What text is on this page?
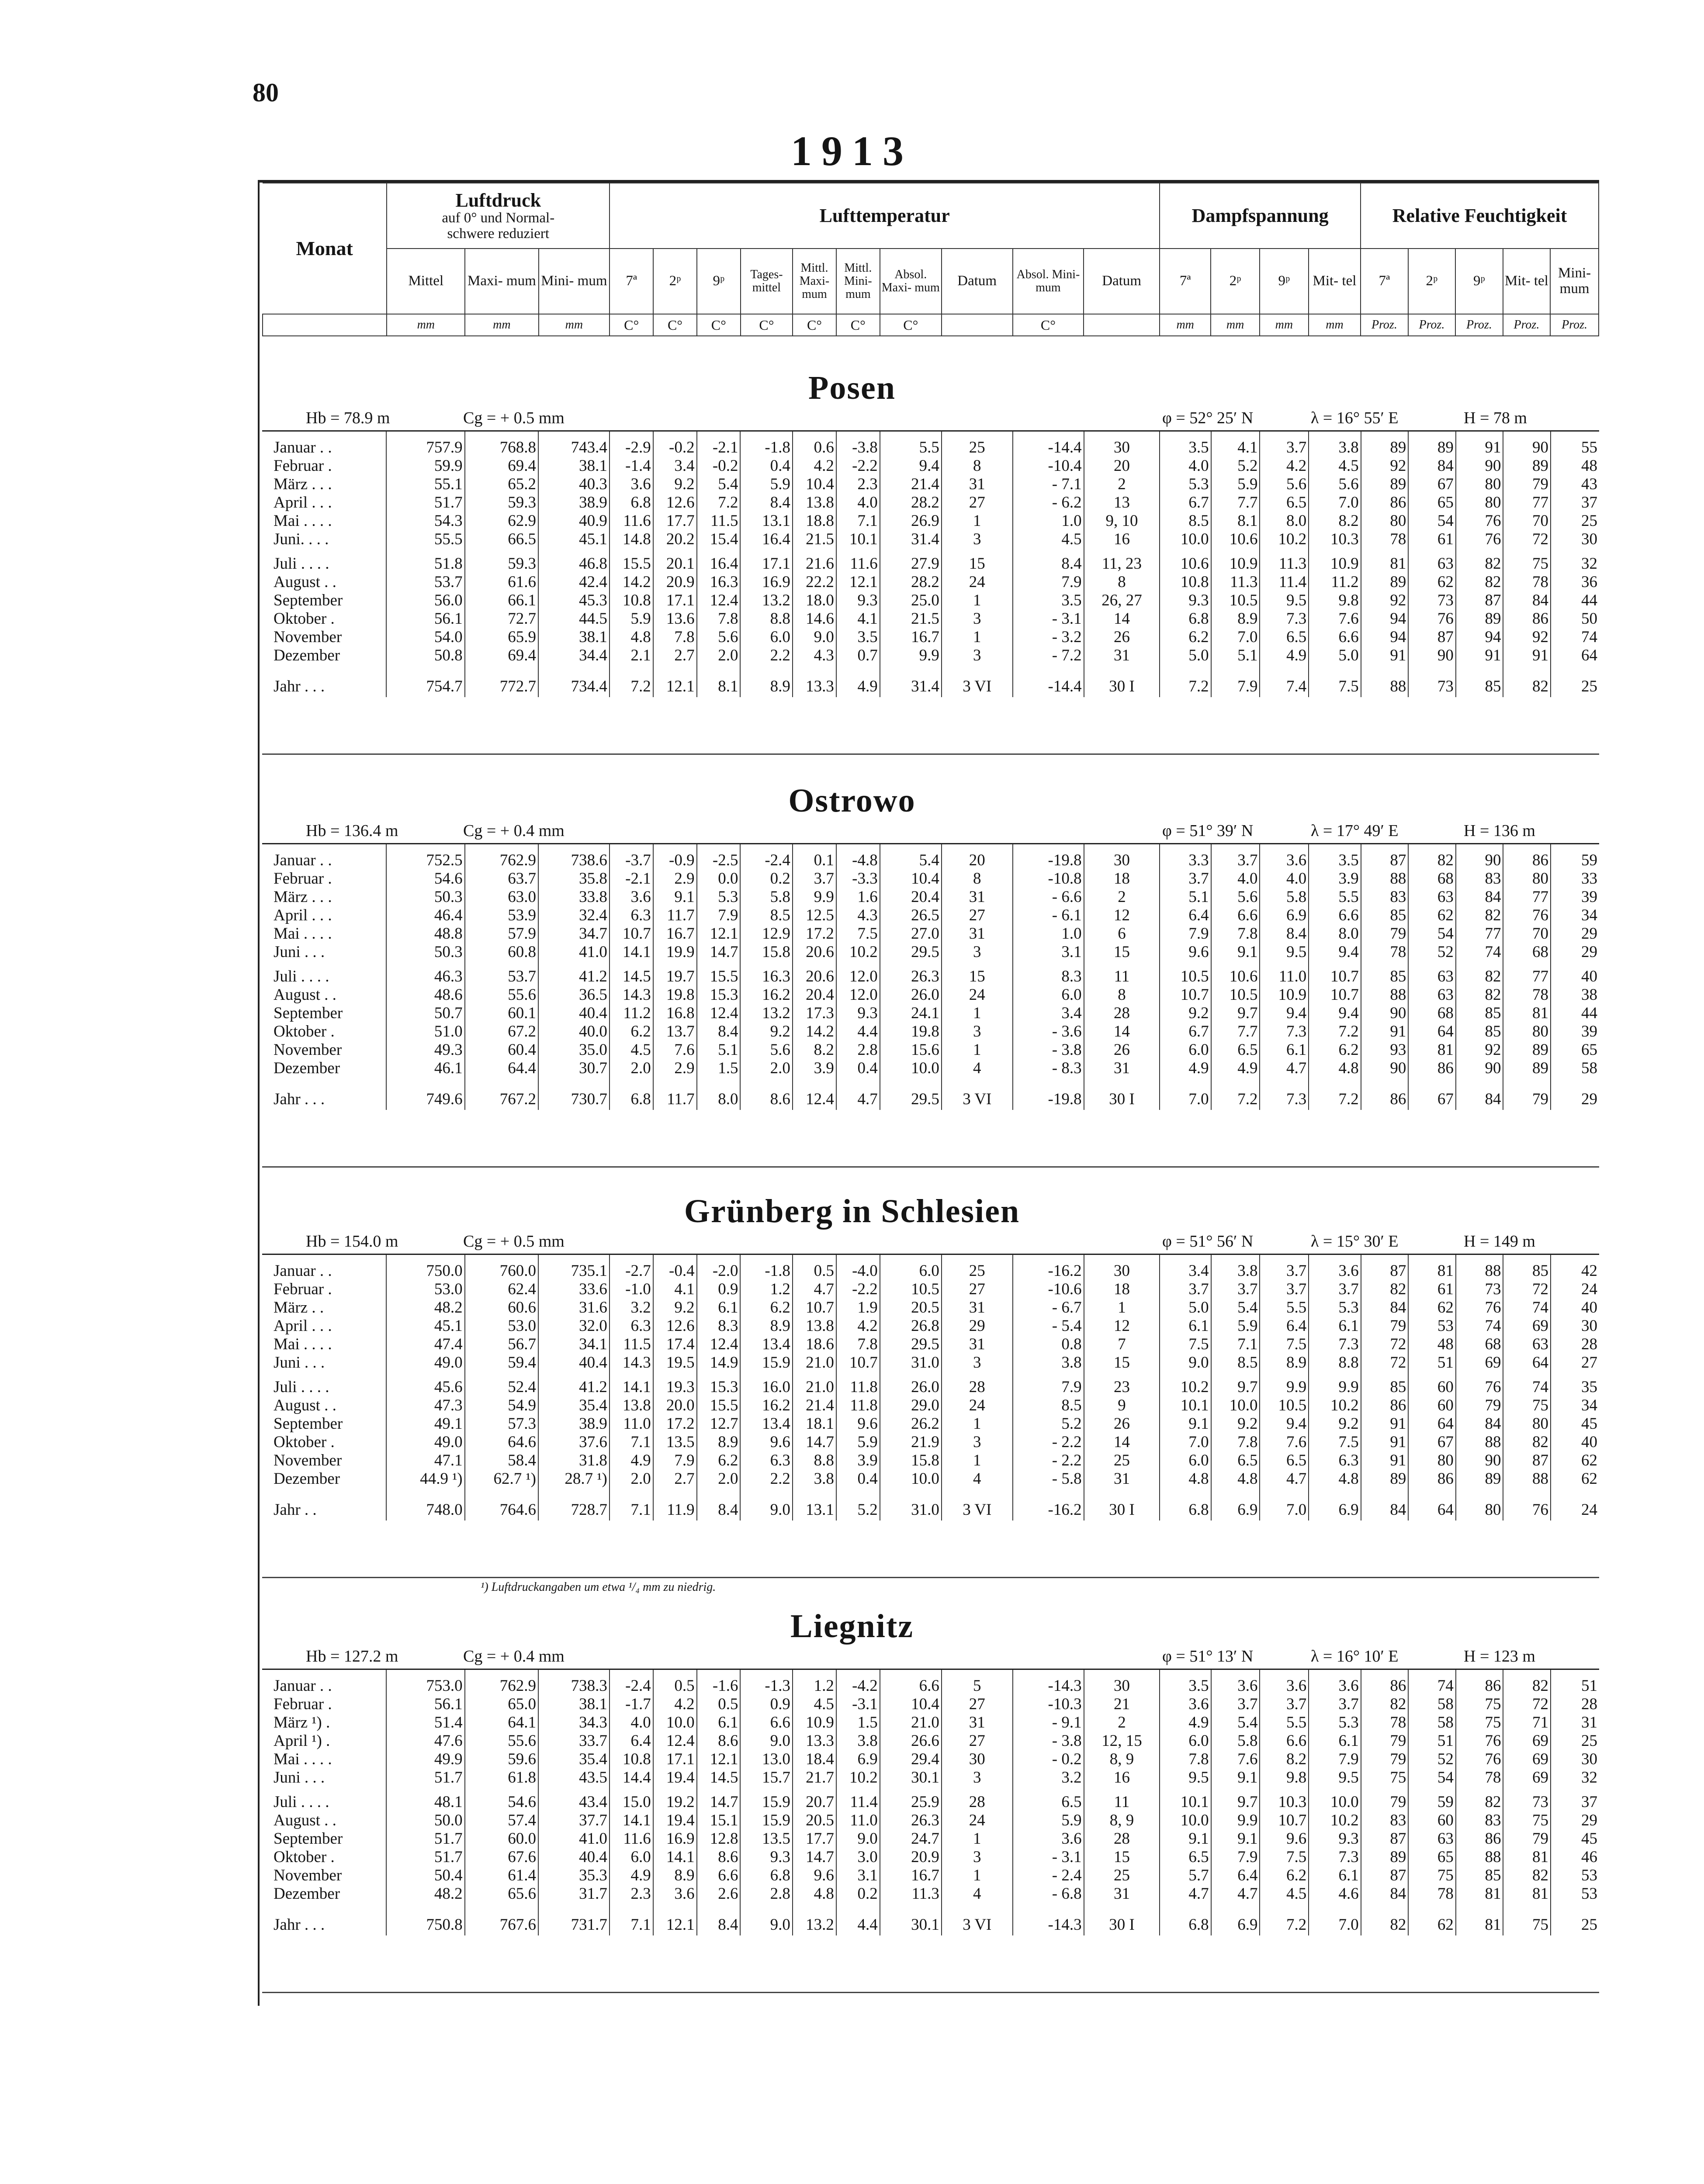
80
1913
Monat	Luftdruck
auf 0° und Normal-
schwere reduziert			Lufttemperatur										Dampfspannung				Relative Feuchtigkeit				
	Mittel	Maxi- mum	Mini- mum	7ª	2ᵖ	9ᵖ	Tages- mittel	Mittl. Maxi- mum	Mittl. Mini- mum	Absol. Maxi- mum	Datum	Absol. Mini- mum	Datum	7ª	2ᵖ	9ᵖ	Mit- tel	7ª	2ᵖ	9ᵖ	Mit- tel	Mini- mum
	mm	mm	mm	C°	C°	C°	C°	C°	C°	C°		C°		mm	mm	mm	mm	Proz.	Proz.	Proz.	Proz.	Proz.
Posen
Hb = 78.9 m	Cg = + 0.5 mm	φ = 52° 25′ N	λ = 16° 55′ E	H = 78 m
Januar . .	757.9	768.8	743.4	-2.9	-0.2	-2.1	-1.8	0.6	-3.8	5.5	25	-14.4	30	3.5	4.1	3.7	3.8	89	89	91	90	55
Februar .	59.9	69.4	38.1	-1.4	3.4	-0.2	0.4	4.2	-2.2	9.4	8	-10.4	20	4.0	5.2	4.2	4.5	92	84	90	89	48
März . . .	55.1	65.2	40.3	3.6	9.2	5.4	5.9	10.4	2.3	21.4	31	- 7.1	2	5.3	5.9	5.6	5.6	89	67	80	79	43
April . . .	51.7	59.3	38.9	6.8	12.6	7.2	8.4	13.8	4.0	28.2	27	- 6.2	13	6.7	7.7	6.5	7.0	86	65	80	77	37
Mai . . . .	54.3	62.9	40.9	11.6	17.7	11.5	13.1	18.8	7.1	26.9	1	1.0	9, 10	8.5	8.1	8.0	8.2	80	54	76	70	25
Juni. . . .	55.5	66.5	45.1	14.8	20.2	15.4	16.4	21.5	10.1	31.4	3	4.5	16	10.0	10.6	10.2	10.3	78	61	76	72	30
Juli . . . .	51.8	59.3	46.8	15.5	20.1	16.4	17.1	21.6	11.6	27.9	15	8.4	11, 23	10.6	10.9	11.3	10.9	81	63	82	75	32
August . .	53.7	61.6	42.4	14.2	20.9	16.3	16.9	22.2	12.1	28.2	24	7.9	8	10.8	11.3	11.4	11.2	89	62	82	78	36
September	56.0	66.1	45.3	10.8	17.1	12.4	13.2	18.0	9.3	25.0	1	3.5	26, 27	9.3	10.5	9.5	9.8	92	73	87	84	44
Oktober .	56.1	72.7	44.5	5.9	13.6	7.8	8.8	14.6	4.1	21.5	3	- 3.1	14	6.8	8.9	7.3	7.6	94	76	89	86	50
November	54.0	65.9	38.1	4.8	7.8	5.6	6.0	9.0	3.5	16.7	1	- 3.2	26	6.2	7.0	6.5	6.6	94	87	94	92	74
Dezember	50.8	69.4	34.4	2.1	2.7	2.0	2.2	4.3	0.7	9.9	3	- 7.2	31	5.0	5.1	4.9	5.0	91	90	91	91	64
Jahr . . .	754.7	772.7	734.4	7.2	12.1	8.1	8.9	13.3	4.9	31.4	3 VI	-14.4	30 I	7.2	7.9	7.4	7.5	88	73	85	82	25
Ostrowo
Hb = 136.4 m	Cg = + 0.4 mm	φ = 51° 39′ N	λ = 17° 49′ E	H = 136 m
Januar . .	752.5	762.9	738.6	-3.7	-0.9	-2.5	-2.4	0.1	-4.8	5.4	20	-19.8	30	3.3	3.7	3.6	3.5	87	82	90	86	59
Februar .	54.6	63.7	35.8	-2.1	2.9	0.0	0.2	3.7	-3.3	10.4	8	-10.8	18	3.7	4.0	4.0	3.9	88	68	83	80	33
März . . .	50.3	63.0	33.8	3.6	9.1	5.3	5.8	9.9	1.6	20.4	31	- 6.6	2	5.1	5.6	5.8	5.5	83	63	84	77	39
April . . .	46.4	53.9	32.4	6.3	11.7	7.9	8.5	12.5	4.3	26.5	27	- 6.1	12	6.4	6.6	6.9	6.6	85	62	82	76	34
Mai . . . .	48.8	57.9	34.7	10.7	16.7	12.1	12.9	17.2	7.5	27.0	31	1.0	6	7.9	7.8	8.4	8.0	79	54	77	70	29
Juni . . .	50.3	60.8	41.0	14.1	19.9	14.7	15.8	20.6	10.2	29.5	3	3.1	15	9.6	9.1	9.5	9.4	78	52	74	68	29
Juli . . . .	46.3	53.7	41.2	14.5	19.7	15.5	16.3	20.6	12.0	26.3	15	8.3	11	10.5	10.6	11.0	10.7	85	63	82	77	40
August . .	48.6	55.6	36.5	14.3	19.8	15.3	16.2	20.4	12.0	26.0	24	6.0	8	10.7	10.5	10.9	10.7	88	63	82	78	38
September	50.7	60.1	40.4	11.2	16.8	12.4	13.2	17.3	9.3	24.1	1	3.4	28	9.2	9.7	9.4	9.4	90	68	85	81	44
Oktober .	51.0	67.2	40.0	6.2	13.7	8.4	9.2	14.2	4.4	19.8	3	- 3.6	14	6.7	7.7	7.3	7.2	91	64	85	80	39
November	49.3	60.4	35.0	4.5	7.6	5.1	5.6	8.2	2.8	15.6	1	- 3.8	26	6.0	6.5	6.1	6.2	93	81	92	89	65
Dezember	46.1	64.4	30.7	2.0	2.9	1.5	2.0	3.9	0.4	10.0	4	- 8.3	31	4.9	4.9	4.7	4.8	90	86	90	89	58
Jahr . . .	749.6	767.2	730.7	6.8	11.7	8.0	8.6	12.4	4.7	29.5	3 VI	-19.8	30 I	7.0	7.2	7.3	7.2	86	67	84	79	29
Grünberg in Schlesien
Hb = 154.0 m	Cg = + 0.5 mm	φ = 51° 56′ N	λ = 15° 30′ E	H = 149 m
Januar . .	750.0	760.0	735.1	-2.7	-0.4	-2.0	-1.8	0.5	-4.0	6.0	25	-16.2	30	3.4	3.8	3.7	3.6	87	81	88	85	42
Februar .	53.0	62.4	33.6	-1.0	4.1	0.9	1.2	4.7	-2.2	10.5	27	-10.6	18	3.7	3.7	3.7	3.7	82	61	73	72	24
März . .	48.2	60.6	31.6	3.2	9.2	6.1	6.2	10.7	1.9	20.5	31	- 6.7	1	5.0	5.4	5.5	5.3	84	62	76	74	40
April . . .	45.1	53.0	32.0	6.3	12.6	8.3	8.9	13.8	4.2	26.8	29	- 5.4	12	6.1	5.9	6.4	6.1	79	53	74	69	30
Mai . . . .	47.4	56.7	34.1	11.5	17.4	12.4	13.4	18.6	7.8	29.5	31	0.8	7	7.5	7.1	7.5	7.3	72	48	68	63	28
Juni . . .	49.0	59.4	40.4	14.3	19.5	14.9	15.9	21.0	10.7	31.0	3	3.8	15	9.0	8.5	8.9	8.8	72	51	69	64	27
Juli . . . .	45.6	52.4	41.2	14.1	19.3	15.3	16.0	21.0	11.8	26.0	28	7.9	23	10.2	9.7	9.9	9.9	85	60	76	74	35
August . .	47.3	54.9	35.4	13.8	20.0	15.5	16.2	21.4	11.8	29.0	24	8.5	9	10.1	10.0	10.5	10.2	86	60	79	75	34
September	49.1	57.3	38.9	11.0	17.2	12.7	13.4	18.1	9.6	26.2	1	5.2	26	9.1	9.2	9.4	9.2	91	64	84	80	45
Oktober .	49.0	64.6	37.6	7.1	13.5	8.9	9.6	14.7	5.9	21.9	3	- 2.2	14	7.0	7.8	7.6	7.5	91	67	88	82	40
November	47.1	58.4	31.8	4.9	7.9	6.2	6.3	8.8	3.9	15.8	1	- 2.2	25	6.0	6.5	6.5	6.3	91	80	90	87	62
Dezember	44.9 ¹)	62.7 ¹)	28.7 ¹)	2.0	2.7	2.0	2.2	3.8	0.4	10.0	4	- 5.8	31	4.8	4.8	4.7	4.8	89	86	89	88	62
Jahr . .	748.0	764.6	728.7	7.1	11.9	8.4	9.0	13.1	5.2	31.0	3 VI	-16.2	30 I	6.8	6.9	7.0	6.9	84	64	80	76	24
¹) Luftdruckangaben um etwa ¹/₄ mm zu niedrig.
Liegnitz
Hb = 127.2 m	Cg = + 0.4 mm	φ = 51° 13′ N	λ = 16° 10′ E	H = 123 m
Januar . .	753.0	762.9	738.3	-2.4	0.5	-1.6	-1.3	1.2	-4.2	6.6	5	-14.3	30	3.5	3.6	3.6	3.6	86	74	86	82	51
Februar .	56.1	65.0	38.1	-1.7	4.2	0.5	0.9	4.5	-3.1	10.4	27	-10.3	21	3.6	3.7	3.7	3.7	82	58	75	72	28
März ¹) .	51.4	64.1	34.3	4.0	10.0	6.1	6.6	10.9	1.5	21.0	31	- 9.1	2	4.9	5.4	5.5	5.3	78	58	75	71	31
April ¹) .	47.6	55.6	33.7	6.4	12.4	8.6	9.0	13.3	3.8	26.6	27	- 3.8	12, 15	6.0	5.8	6.6	6.1	79	51	76	69	25
Mai . . . .	49.9	59.6	35.4	10.8	17.1	12.1	13.0	18.4	6.9	29.4	30	- 0.2	8, 9	7.8	7.6	8.2	7.9	79	52	76	69	30
Juni . . .	51.7	61.8	43.5	14.4	19.4	14.5	15.7	21.7	10.2	30.1	3	3.2	16	9.5	9.1	9.8	9.5	75	54	78	69	32
Juli . . . .	48.1	54.6	43.4	15.0	19.2	14.7	15.9	20.7	11.4	25.9	28	6.5	11	10.1	9.7	10.3	10.0	79	59	82	73	37
August . .	50.0	57.4	37.7	14.1	19.4	15.1	15.9	20.5	11.0	26.3	24	5.9	8, 9	10.0	9.9	10.7	10.2	83	60	83	75	29
September	51.7	60.0	41.0	11.6	16.9	12.8	13.5	17.7	9.0	24.7	1	3.6	28	9.1	9.1	9.6	9.3	87	63	86	79	45
Oktober .	51.7	67.6	40.4	6.0	14.1	8.6	9.3	14.7	3.0	20.9	3	- 3.1	15	6.5	7.9	7.5	7.3	89	65	88	81	46
November	50.4	61.4	35.3	4.9	8.9	6.6	6.8	9.6	3.1	16.7	1	- 2.4	25	5.7	6.4	6.2	6.1	87	75	85	82	53
Dezember	48.2	65.6	31.7	2.3	3.6	2.6	2.8	4.8	0.2	11.3	4	- 6.8	31	4.7	4.7	4.5	4.6	84	78	81	81	53
Jahr . . .	750.8	767.6	731.7	7.1	12.1	8.4	9.0	13.2	4.4	30.1	3 VI	-14.3	30 I	6.8	6.9	7.2	7.0	82	62	81	75	25
